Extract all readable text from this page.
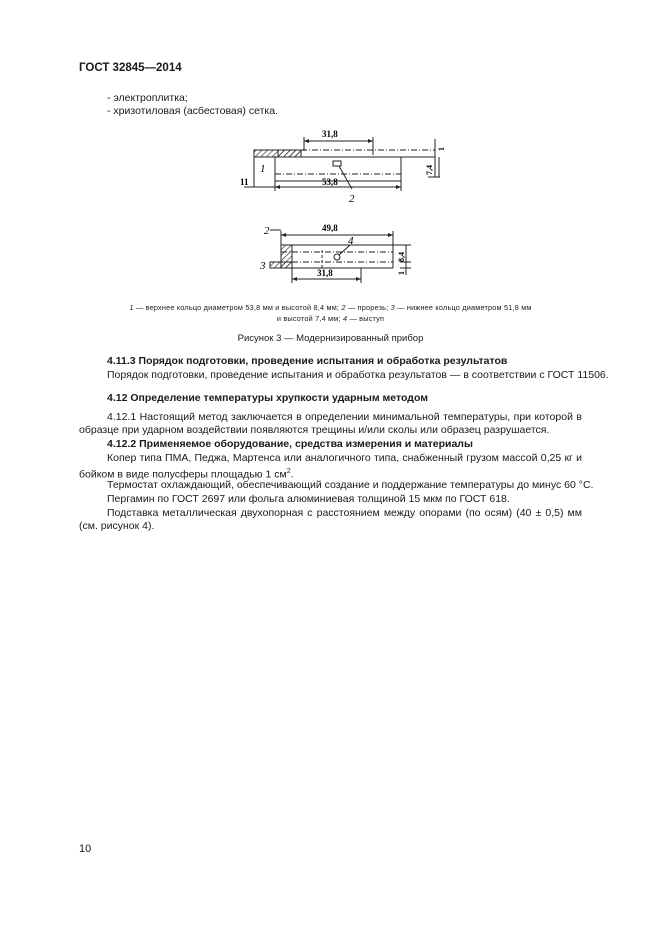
ГОСТ 32845—2014
- электроплитка;
- хризотиловая (асбестовая) сетка.
31,8
53,8
11
1
2
7,4
1
49,8
31,8
2
3
4
8,4
1
1 — верхнее кольцо диаметром 53,8 мм и высотой 8,4 мм; 2 — прорезь; 3 — нижнее кольцо диаметром 51,8 мм
и высотой 7,4 мм; 4 — выступ
Рисунок 3 — Модернизированный прибор
4.11.3 Порядок подготовки, проведение испытания и обработка результатов
Порядок подготовки, проведение испытания и обработка результатов — в соответствии с ГОСТ 11506.
4.12 Определение температуры хрупкости ударным методом
4.12.1 Настоящий метод заключается в определении минимальной температуры, при которой в
образце при ударном воздействии появляются трещины и/или сколы или образец разрушается.
4.12.2 Применяемое оборудование, средства измерения и материалы
Копер типа ПМА, Педжа, Мартенса или аналогичного типа, снабженный грузом массой 0,25 кг и
бойком в виде полусферы площадью 1 $см^2$.
Термостат охлаждающий, обеспечивающий создание и поддержание температуры до минус 60 °С.
Пергамин по ГОСТ 2697 или фольга алюминиевая толщиной 15 мкм по ГОСТ 618.
Подставка металлическая двухопорная с расстоянием между опорами (по осям) (40 ± 0,5) мм
(см. рисунок 4).
10
